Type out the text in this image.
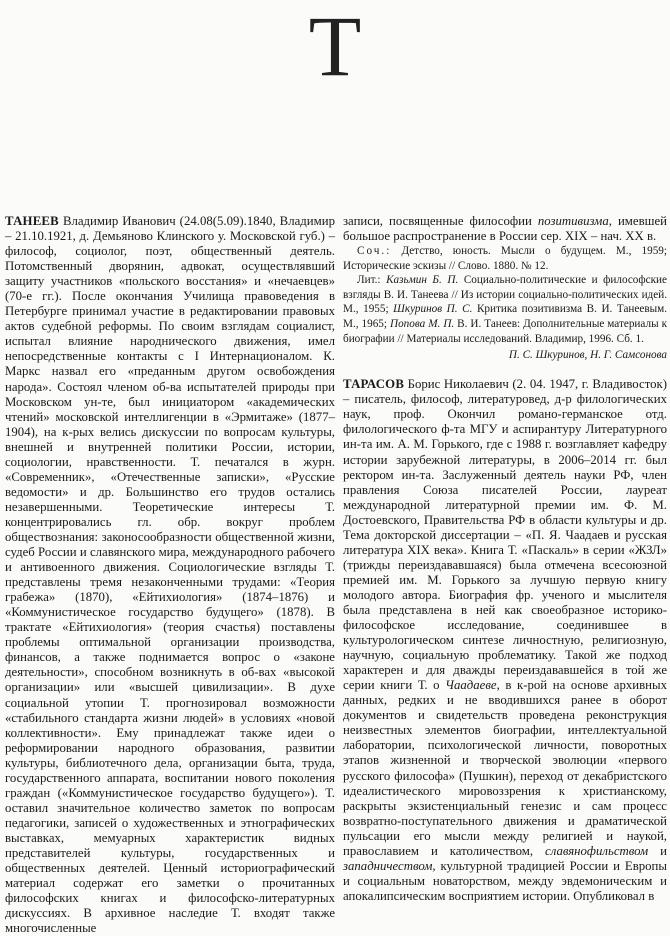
Т

ТАНЕЕВ Владимир Иванович (24.08(5.09).1840, Владимир – 21.10.1921, д. Демьяново Клинского у. Московской губ.) – философ, социолог, поэт, общественный деятель. Потомственный дворянин, адвокат, осуществлявший защиту участников «польского восстания» и «нечаевцев» (70-е гг.). После окончания Училища правоведения в Петербурге принимал участие в редактировании правовых актов судебной реформы. По своим взглядам социалист, испытал влияние народнического движения, имел непосредственные контакты с I Интернационалом. К. Маркс назвал его «преданным другом освобождения народа». Состоял членом об-ва испытателей природы при Московском ун-те, был инициатором «академических чтений» московской интеллигенции в «Эрмитаже» (1877–1904), на к-рых велись дискуссии по вопросам культуры, внешней и внутренней политики России, истории, социологии, нравственности. Т. печатался в журн. «Современник», «Отечественные записки», «Русские ведомости» и др. Большинство его трудов остались незавершенными. Теоретические интересы Т. концентрировались гл. обр. вокруг проблем обществознания: законосообразности общественной жизни, судеб России и славянского мира, международного рабочего и антивоенного движения. Социологические взгляды Т. представлены тремя незаконченными трудами: «Теория грабежа» (1870), «Ейтихиология» (1874–1876) и «Коммунистическое государство будущего» (1878). В трактате «Ейтихиология» (теория счастья) поставлены проблемы оптимальной организации производства, финансов, а также поднимается вопрос о «законе деятельности», способном возникнуть в об-вах «высокой организации» или «высшей цивилизации». В духе социальной утопии Т. прогнозировал возможности «стабильного стандарта жизни людей» в условиях «новой коллективности». Ему принадлежат также идеи о реформировании народного образования, развитии культуры, библиотечного дела, организации быта, труда, государственного аппарата, воспитании нового поколения граждан («Коммунистическое государство будущего»). Т. оставил значительное количество заметок по вопросам педагогики, записей о художественных и этнографических выставках, мемуарных характеристик видных представителей культуры, государственных и общественных деятелей. Ценный историографический материал содержат его заметки о прочитанных философских книгах и философско-литературных дискуссиях. В архивное наследие Т. входят также многочисленные

записи, посвященные философии позитивизма, имевшей большое распространение в России сер. XIX – нач. XX в.

Соч.: Детство, юность. Мысли о будущем. М., 1959; Исторические эскизы // Слово. 1880. № 12.

Лит.: Казьмин Б. П. Социально-политические и философские взгляды В. И. Танеева // Из истории социально-политических идей. М., 1955; Шкуринов П. С. Критика позитивизма В. И. Танеевым. М., 1965; Попова М. П. В. И. Танеев: Дополнительные материалы к биографии // Материалы исследований. Владимир, 1996. Сб. 1.

П. С. Шкуринов, Н. Г. Самсонова

ТАРАСОВ Борис Николаевич (2. 04. 1947, г. Владивосток) – писатель, философ, литературовед, д-р филологических наук, проф. Окончил романо-германское отд. филологического ф-та МГУ и аспирантуру Литературного ин-та им. А. М. Горького, где с 1988 г. возглавляет кафедру истории зарубежной литературы, в 2006–2014 гг. был ректором ин-та. Заслуженный деятель науки РФ, член правления Союза писателей России, лауреат международной литературной премии им. Ф. М. Достоевского, Правительства РФ в области культуры и др. Тема докторской диссертации – «П. Я. Чаадаев и русская литература XIX века». Книга Т. «Паскаль» в серии «ЖЗЛ» (трижды переиздававшаяся) была отмечена всесоюзной премией им. М. Горького за лучшую первую книгу молодого автора. Биография фр. ученого и мыслителя была представлена в ней как своеобразное историко-философское исследование, соединившее в культурологическом синтезе личностную, религиозную, научную, социальную проблематику. Такой же подход характерен и для дважды переиздававшейся в той же серии книги Т. о Чаадаеве, в к-рой на основе архивных данных, редких и не вводившихся ранее в оборот документов и свидетельств проведена реконструкция неизвестных элементов биографии, интеллектуальной лаборатории, психологической личности, поворотных этапов жизненной и творческой эволюции «первого русского философа» (Пушкин), переход от декабристского идеалистического мировоззрения к христианскому, раскрыты экзистенциальный генезис и сам процесс возвратно-поступательного движения и драматической пульсации его мысли между религией и наукой, православием и католичеством, славянофильством и западничеством, культурной традицией России и Европы и социальным новаторством, между эвдемоническим и апокалипсическим восприятием истории. Опубликовал в
